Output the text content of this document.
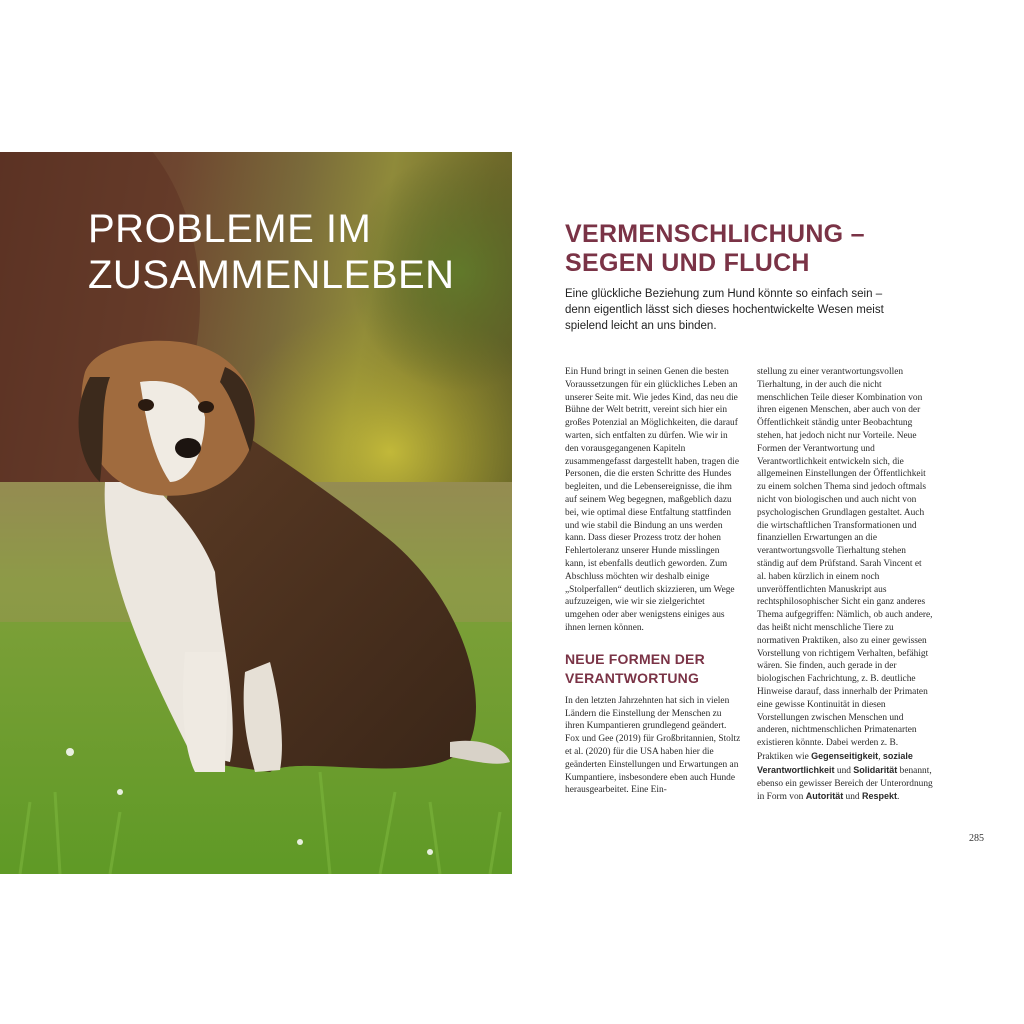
PROBLEME IM
ZUSAMMENLEBEN
VERMENSCHLICHUNG –
SEGEN UND FLUCH

Eine glückliche Beziehung zum Hund könnte so einfach sein – denn eigentlich lässt sich dieses hochentwickelte Wesen meist spielend leicht an uns binden.

Ein Hund bringt in seinen Genen die besten Voraussetzungen für ein glückliches Leben an unserer Seite mit. Wie jedes Kind, das neu die Bühne der Welt betritt, vereint sich hier ein großes Potenzial an Möglichkeiten, die darauf warten, sich entfalten zu dürfen. Wie wir in den vorausgegangenen Kapiteln zusammengefasst dargestellt haben, tragen die Personen, die die ersten Schritte des Hundes begleiten, und die Lebensereignisse, die ihm auf seinem Weg begegnen, maßgeblich dazu bei, wie optimal diese Entfaltung stattfinden und wie stabil die Bindung an uns werden kann. Dass dieser Prozess trotz der hohen Fehlertoleranz unserer Hunde misslingen kann, ist ebenfalls deutlich geworden. Zum Abschluss möchten wir deshalb einige „Stolperfallen“ deutlich skizzieren, um Wege aufzuzeigen, wie wir sie zielgerichtet umgehen oder aber wenigstens einiges aus ihnen lernen können.

NEUE FORMEN DER
VERANTWORTUNG

In den letzten Jahrzehnten hat sich in vielen Ländern die Einstellung der Menschen zu ihren Kumpantieren grundlegend geändert. Fox und Gee (2019) für Großbritannien, Stoltz et al. (2020) für die USA haben hier die geänderten Einstellungen und Erwartungen an Kumpantiere, insbesondere eben auch Hunde herausgearbeitet. Eine Ein-

stellung zu einer verantwortungsvollen Tierhaltung, in der auch die nicht menschlichen Teile dieser Kombination von ihren eigenen Menschen, aber auch von der Öffentlichkeit ständig unter Beobachtung stehen, hat jedoch nicht nur Vorteile. Neue Formen der Verantwortung und Verantwortlichkeit entwickeln sich, die allgemeinen Einstellungen der Öffentlichkeit zu einem solchen Thema sind jedoch oftmals nicht von biologischen und auch nicht von psychologischen Grundlagen gestaltet. Auch die wirtschaftlichen Transformationen und finanziellen Erwartungen an die verantwortungsvolle Tierhaltung stehen ständig auf dem Prüfstand. Sarah Vincent et al. haben kürzlich in einem noch unveröffentlichten Manuskript aus rechtsphilosophischer Sicht ein ganz anderes Thema aufgegriffen: Nämlich, ob auch andere, das heißt nicht menschliche Tiere zu normativen Praktiken, also zu einer gewissen Vorstellung von richtigem Verhalten, befähigt wären. Sie finden, auch gerade in der biologischen Fachrichtung, z. B. deutliche Hinweise darauf, dass innerhalb der Primaten eine gewisse Kontinuität in diesen Vorstellungen zwischen Menschen und anderen, nichtmenschlichen Primatenarten existieren könnte. Dabei werden z. B. Praktiken wie Gegenseitigkeit, soziale Verantwortlichkeit und Solidarität benannt, ebenso ein gewisser Bereich der Unterordnung in Form von Autorität und Respekt.

285
